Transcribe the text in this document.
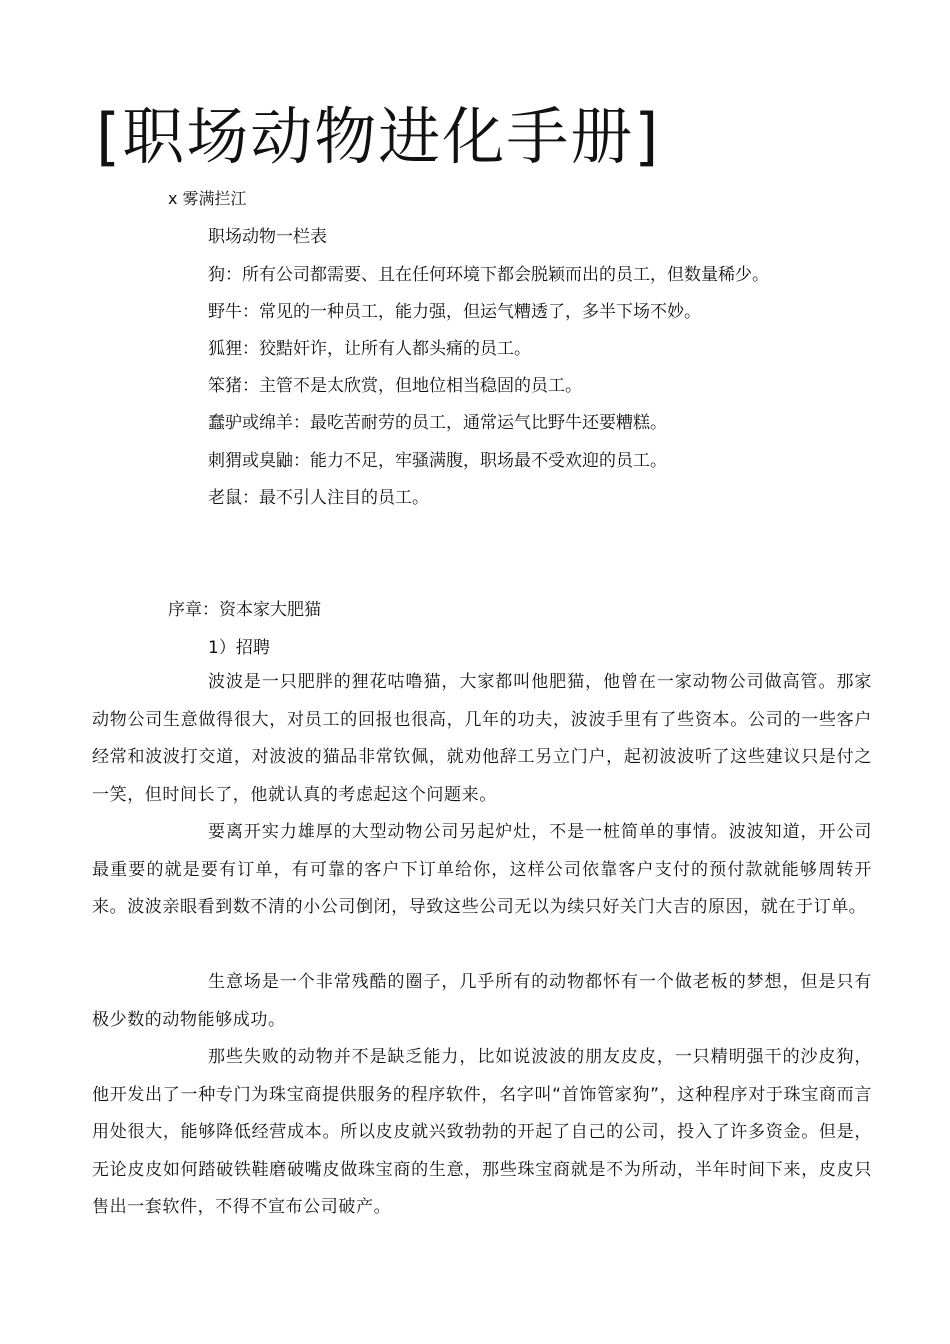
[职场动物进化手册]
x 雾满拦江
职场动物一栏表
狗：所有公司都需要、且在任何环境下都会脱颖而出的员工，但数量稀少。
野牛：常见的一种员工，能力强，但运气糟透了，多半下场不妙。
狐狸：狡黠奸诈，让所有人都头痛的员工。
笨猪：主管不是太欣赏，但地位相当稳固的员工。
蠢驴或绵羊：最吃苦耐劳的员工，通常运气比野牛还要糟糕。
刺猬或臭鼬：能力不足，牢骚满腹，职场最不受欢迎的员工。
老鼠：最不引人注目的员工。
序章：资本家大肥猫
1）招聘

波波是一只肥胖的狸花咕噜猫，大家都叫他肥猫，他曾在一家动物公司做高管。那家动物公司生意做得很大，对员工的回报也很高，几年的功夫，波波手里有了些资本。公司的一些客户经常和波波打交道，对波波的猫品非常钦佩，就劝他辞工另立门户，起初波波听了这些建议只是付之一笑，但时间长了，他就认真的考虑起这个问题来。

要离开实力雄厚的大型动物公司另起炉灶，不是一桩简单的事情。波波知道，开公司最重要的就是要有订单，有可靠的客户下订单给你，这样公司依靠客户支付的预付款就能够周转开来。波波亲眼看到数不清的小公司倒闭，导致这些公司无以为续只好关门大吉的原因，就在于订单。

生意场是一个非常残酷的圈子，几乎所有的动物都怀有一个做老板的梦想，但是只有极少数的动物能够成功。

那些失败的动物并不是缺乏能力，比如说波波的朋友皮皮，一只精明强干的沙皮狗，他开发出了一种专门为珠宝商提供服务的程序软件，名字叫“首饰管家狗”，这种程序对于珠宝商而言用处很大，能够降低经营成本。所以皮皮就兴致勃勃的开起了自己的公司，投入了许多资金。但是，无论皮皮如何踏破铁鞋磨破嘴皮做珠宝商的生意，那些珠宝商就是不为所动，半年时间下来，皮皮只售出一套软件，不得不宣布公司破产。
